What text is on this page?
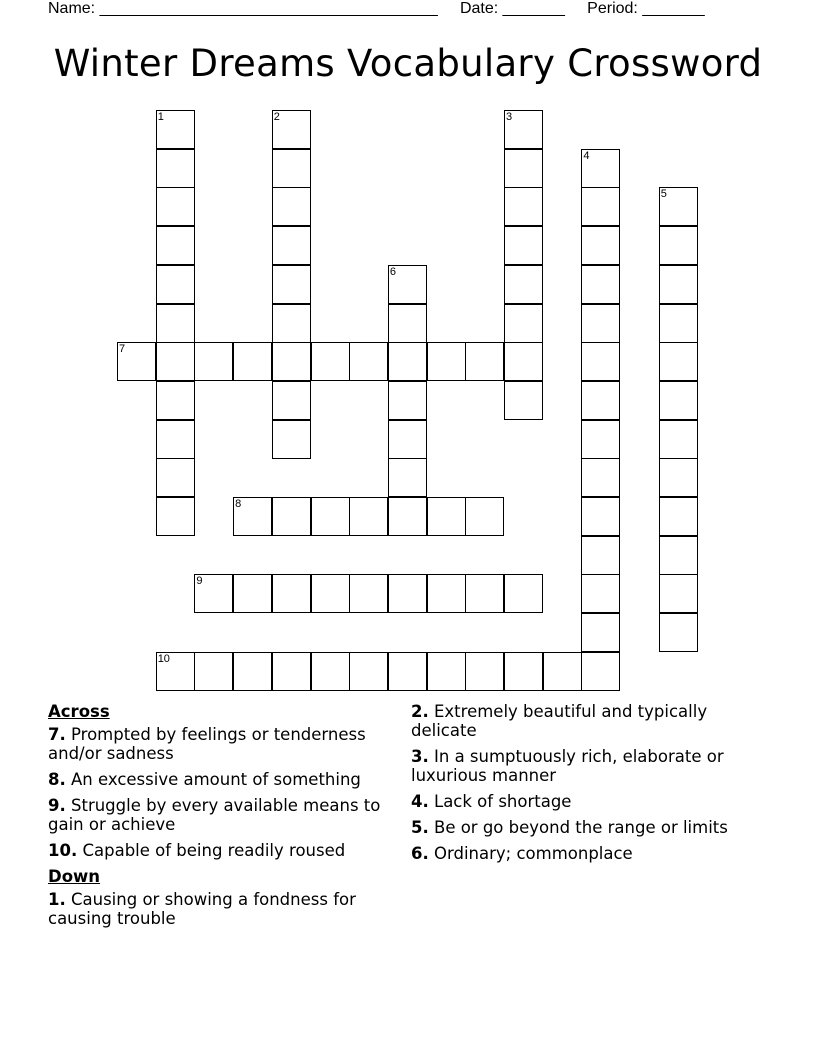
Name: ______________________________________ Date: _______ Period: _______
Winter Dreams Vocabulary Crossword
1	2	3
4
5
6
7
8
9
10
Across
7. Prompted by feelings or tenderness and/or sadness
8. An excessive amount of something
9. Struggle by every available means to gain or achieve
10. Capable of being readily roused
Down
1. Causing or showing a fondness for causing trouble
2. Extremely beautiful and typically delicate
3. In a sumptuously rich, elaborate or luxurious manner
4. Lack of shortage
5. Be or go beyond the range or limits
6. Ordinary; commonplace
